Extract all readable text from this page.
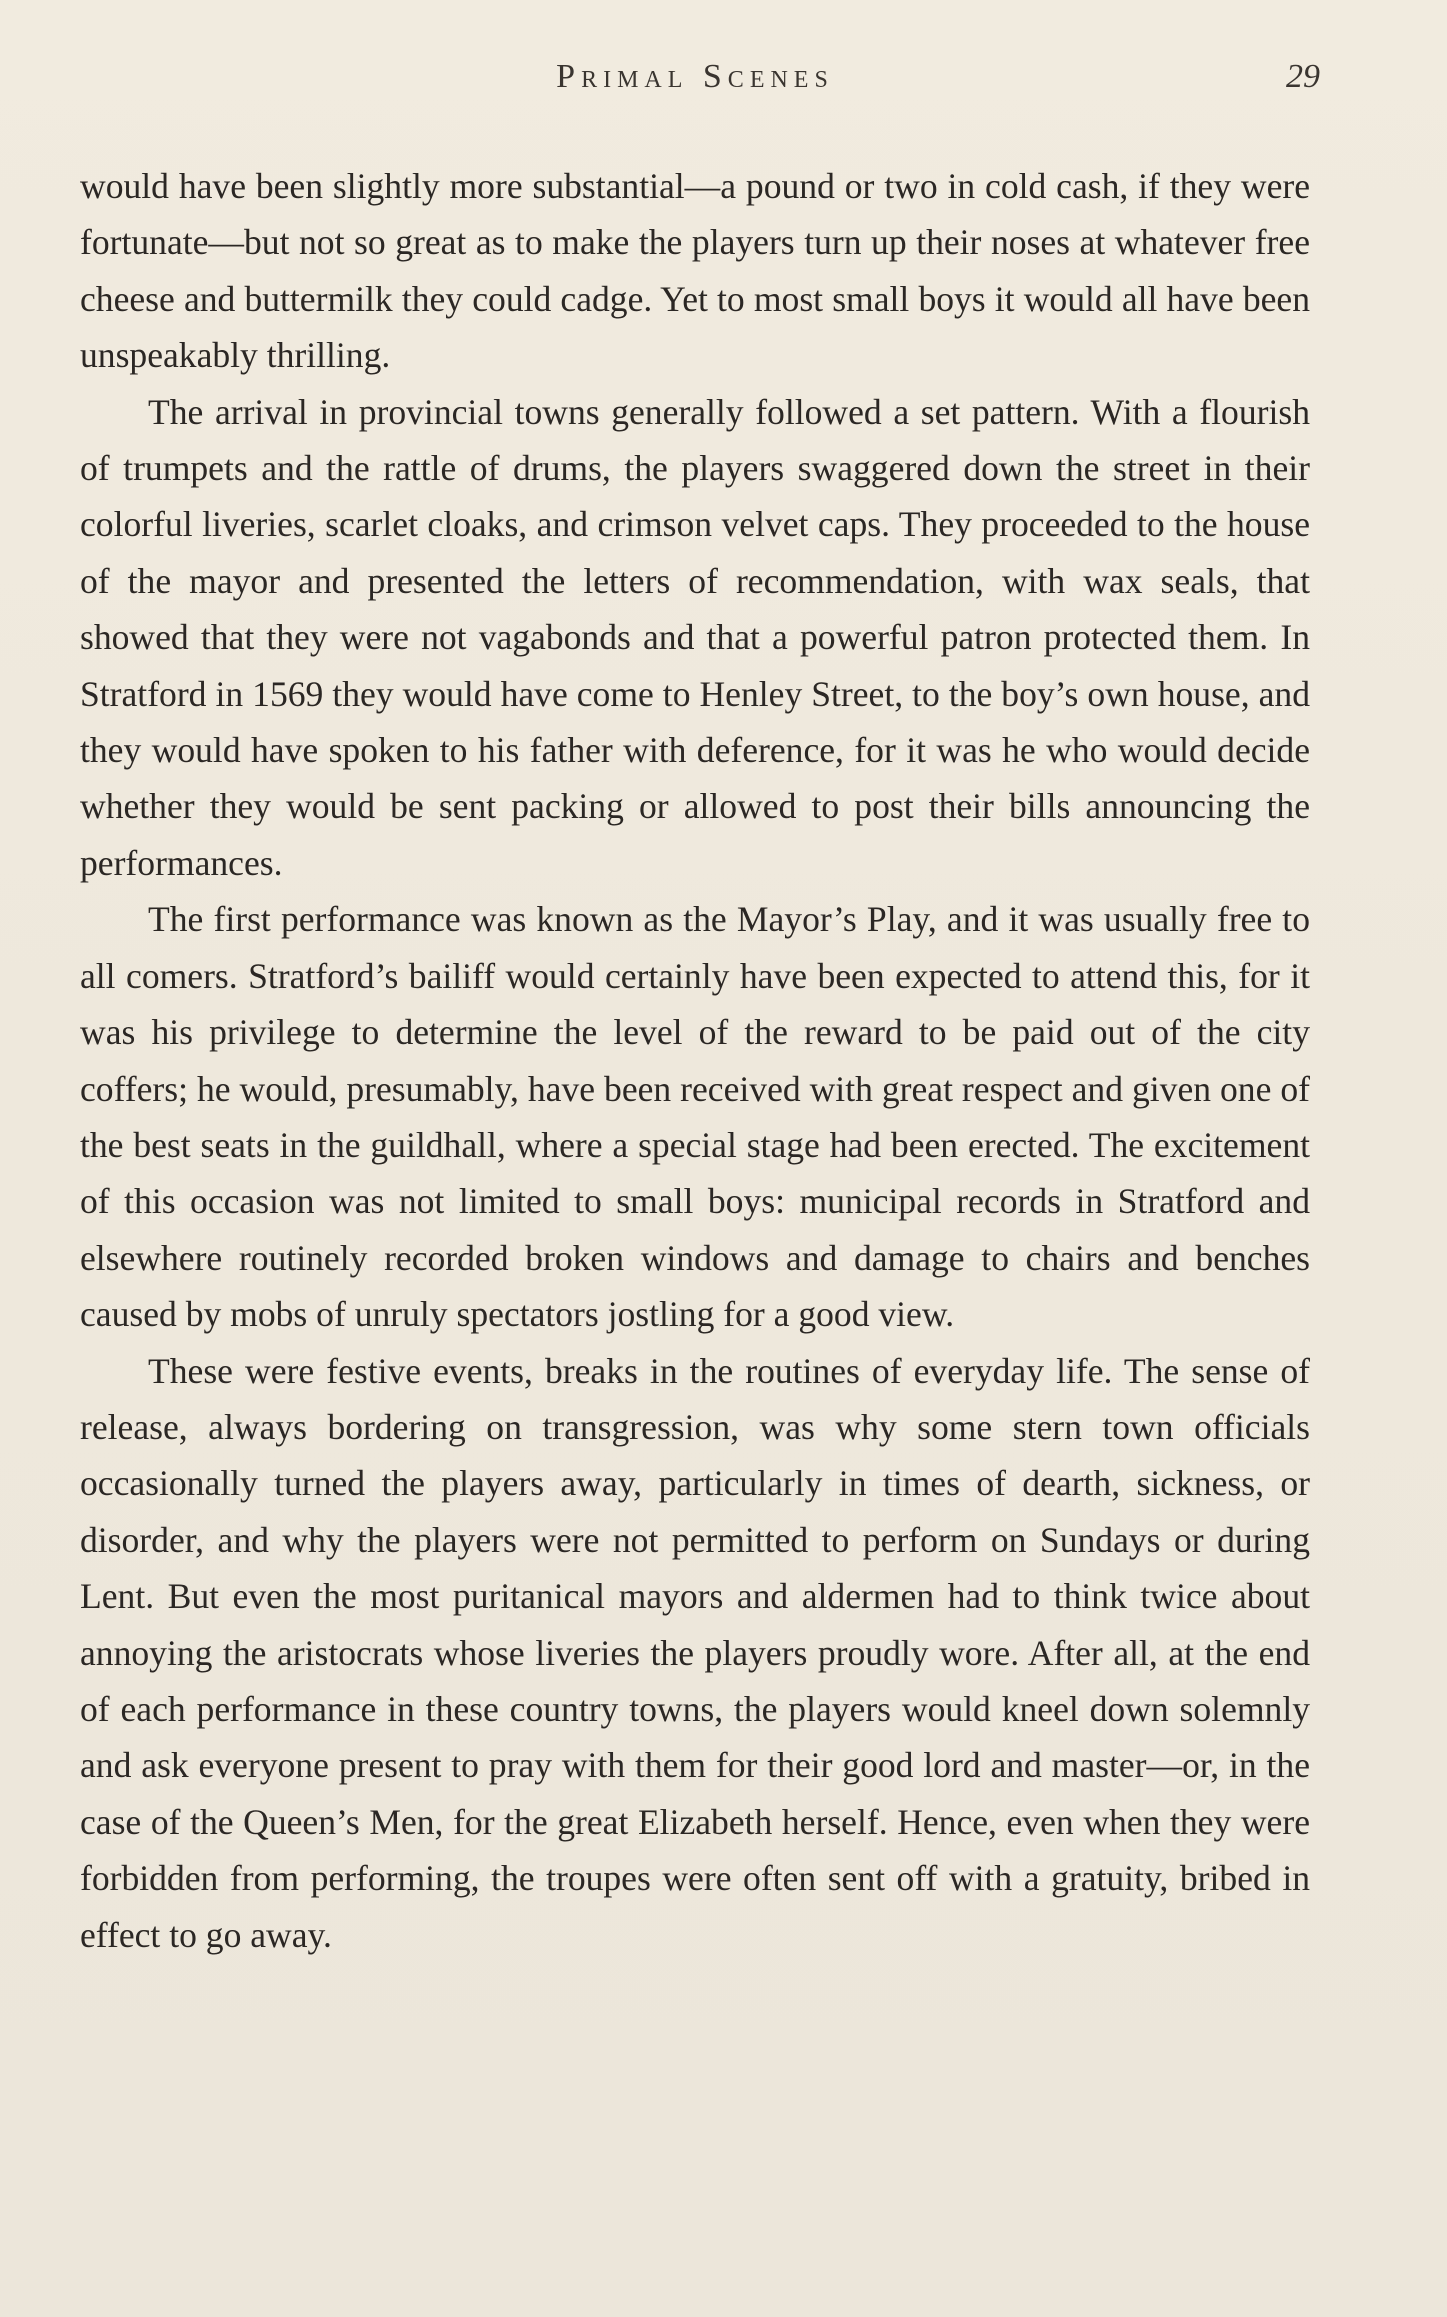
Primal Scenes	29

would have been slightly more substantial—a pound or two in cold cash, if they were fortunate—but not so great as to make the players turn up their noses at whatever free cheese and buttermilk they could cadge. Yet to most small boys it would all have been unspeakably thrilling.

The arrival in provincial towns generally followed a set pattern. With a flourish of trumpets and the rattle of drums, the players swaggered down the street in their colorful liveries, scarlet cloaks, and crimson velvet caps. They proceeded to the house of the mayor and presented the letters of recommendation, with wax seals, that showed that they were not vagabonds and that a powerful patron protected them. In Stratford in 1569 they would have come to Henley Street, to the boy’s own house, and they would have spoken to his father with deference, for it was he who would decide whether they would be sent packing or allowed to post their bills announcing the performances.

The first performance was known as the Mayor’s Play, and it was usually free to all comers. Stratford’s bailiff would certainly have been expected to attend this, for it was his privilege to determine the level of the reward to be paid out of the city coffers; he would, presumably, have been received with great respect and given one of the best seats in the guildhall, where a special stage had been erected. The excitement of this occasion was not limited to small boys: municipal records in Stratford and elsewhere routinely recorded broken windows and damage to chairs and benches caused by mobs of unruly spectators jostling for a good view.

These were festive events, breaks in the routines of everyday life. The sense of release, always bordering on transgression, was why some stern town officials occasionally turned the players away, particularly in times of dearth, sickness, or disorder, and why the players were not permitted to perform on Sundays or during Lent. But even the most puritanical mayors and aldermen had to think twice about annoying the aristocrats whose liveries the players proudly wore. After all, at the end of each performance in these country towns, the players would kneel down solemnly and ask everyone present to pray with them for their good lord and master—or, in the case of the Queen’s Men, for the great Elizabeth herself. Hence, even when they were forbidden from performing, the troupes were often sent off with a gratuity, bribed in effect to go away.
